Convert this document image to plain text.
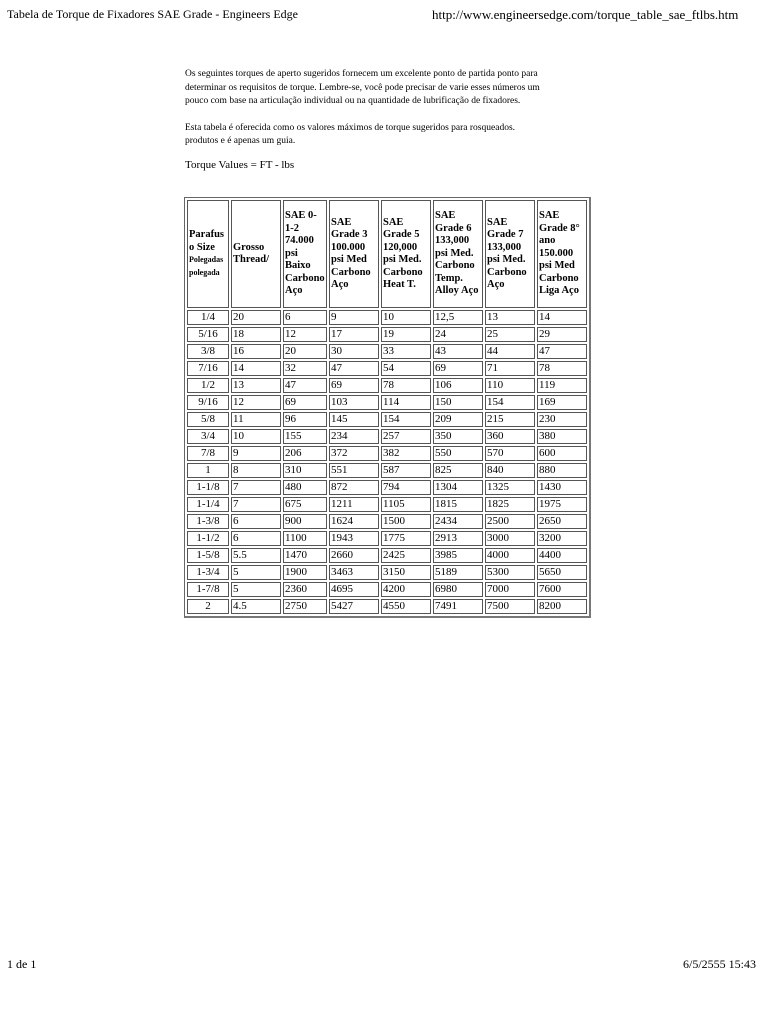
Tabela de Torque de Fixadores SAE Grade - Engineers Edge	http://www.engineersedge.com/torque_table_sae_ftlbs.htm

Os seguintes torques de aperto sugeridos fornecem um excelente ponto de partida ponto para determinar os requisitos de torque. Lembre-se, você pode precisar de varie esses números um pouco com base na articulação individual ou na quantidade de lubrificação de fixadores.

Esta tabela é oferecida como os valores máximos de torque sugeridos para rosqueados. produtos e é apenas um guia.

Torque Values = FT - lbs

Parafuso Size
Polegadas polegada	Grosso Thread/	SAE 0-1-2 74.000 psi Baixo Carbono Aço	SAE Grade 3 100.000 psi Med Carbono Aço	SAE Grade 5 120,000 psi Med. Carbono Heat T.	SAE Grade 6 133,000 psi Med. Carbono Temp. Alloy Aço	SAE Grade 7 133,000 psi Med. Carbono Aço	SAE Grade 8° ano 150.000 psi Med Carbono Liga Aço
1/4	20	6	9	10	12,5	13	14
5/16	18	12	17	19	24	25	29
3/8	16	20	30	33	43	44	47
7/16	14	32	47	54	69	71	78
1/2	13	47	69	78	106	110	119
9/16	12	69	103	114	150	154	169
5/8	11	96	145	154	209	215	230
3/4	10	155	234	257	350	360	380
7/8	9	206	372	382	550	570	600
1	8	310	551	587	825	840	880
1-1/8	7	480	872	794	1304	1325	1430
1-1/4	7	675	1211	1105	1815	1825	1975
1-3/8	6	900	1624	1500	2434	2500	2650
1-1/2	6	1100	1943	1775	2913	3000	3200
1-5/8	5.5	1470	2660	2425	3985	4000	4400
1-3/4	5	1900	3463	3150	5189	5300	5650
1-7/8	5	2360	4695	4200	6980	7000	7600
2	4.5	2750	5427	4550	7491	7500	8200
1 de 1	6/5/2555 15:43
